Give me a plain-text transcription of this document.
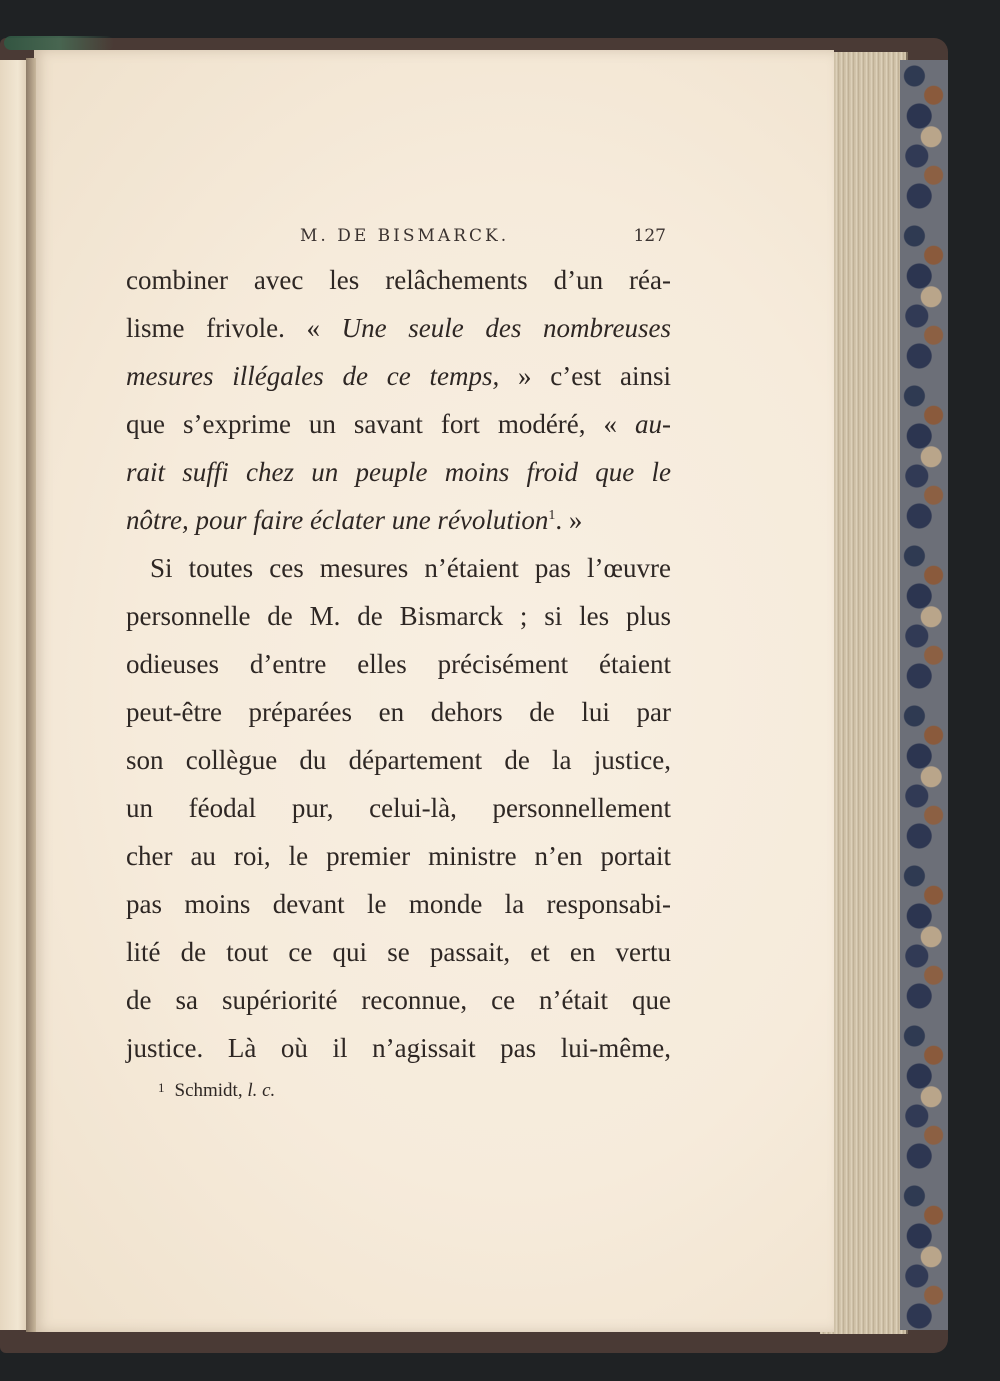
M. DE BISMARCK.	127
combiner avec les relâchements d’un réa-
lisme frivole. « Une seule des nombreuses
mesures illégales de ce temps, » c’est ainsi
que s’exprime un savant fort modéré, « au-
rait suffi chez un peuple moins froid que le
nôtre, pour faire éclater une révolution$^1$. »
Si toutes ces mesures n’étaient pas l’œuvre
personnelle de M. de Bismarck ; si les plus
odieuses d’entre elles précisément étaient
peut-être préparées en dehors de lui par
son collègue du département de la justice,
un féodal pur, celui-là, personnellement
cher au roi, le premier ministre n’en portait
pas moins devant le monde la responsabi-
lité de tout ce qui se passait, et en vertu
de sa supériorité reconnue, ce n’était que
justice. Là où il n’agissait pas lui-même,
$^1$ Schmidt, l. c.
